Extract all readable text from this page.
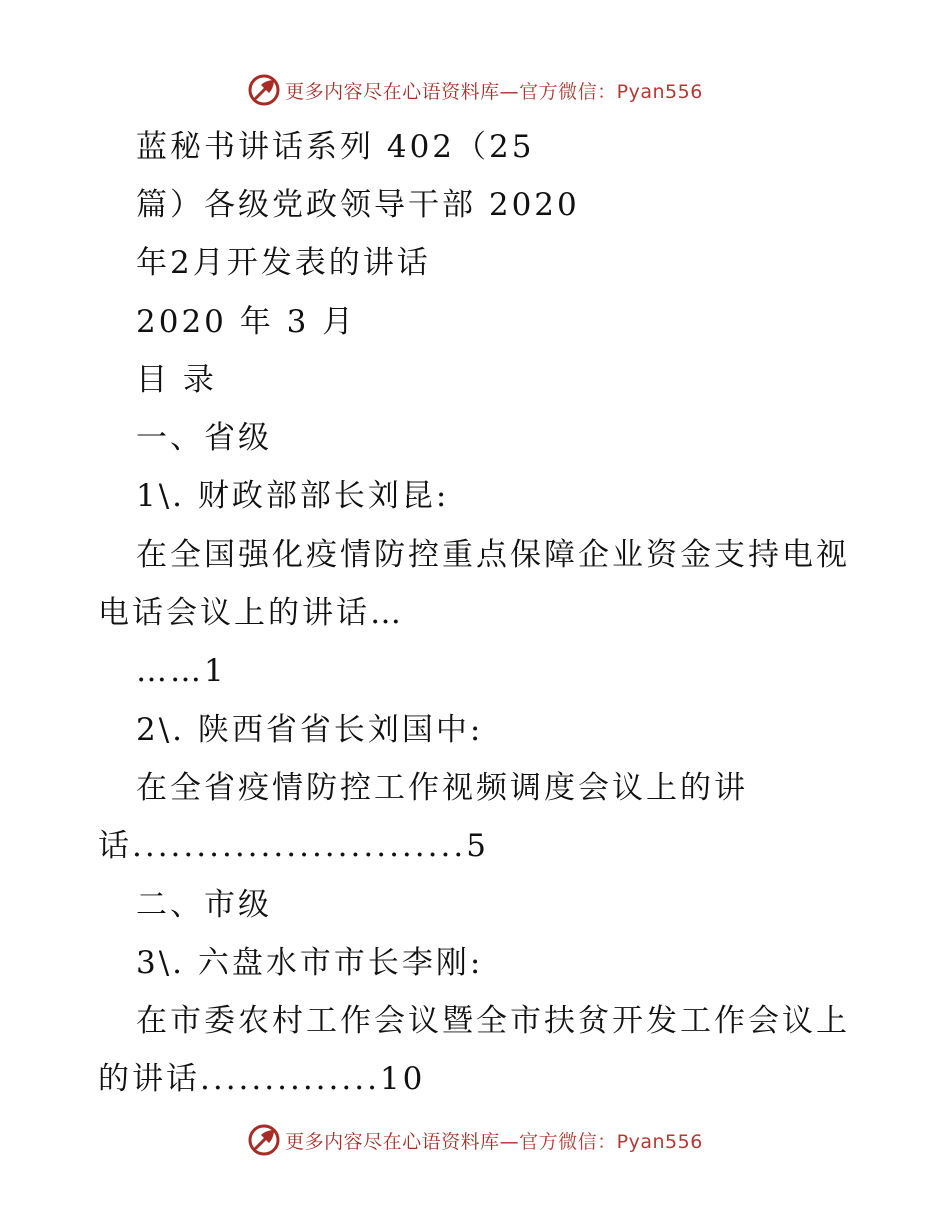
更多内容尽在心语资料库—官方微信：Pyan556
蓝秘书讲话系列 402（25
篇）各级党政领导干部 2020
年2月开发表的讲话
2020 年 3 月
目 录
一、省级
1\. 财政部部长刘昆:
在全国强化疫情防控重点保障企业资金支持电视
电话会议上的讲话…
……1
2\. 陕西省省长刘国中:
在全省疫情防控工作视频调度会议上的讲
话..........................5
二、市级
3\. 六盘水市市长李刚:
在市委农村工作会议暨全市扶贫开发工作会议上
的讲话..............10
更多内容尽在心语资料库—官方微信：Pyan556
